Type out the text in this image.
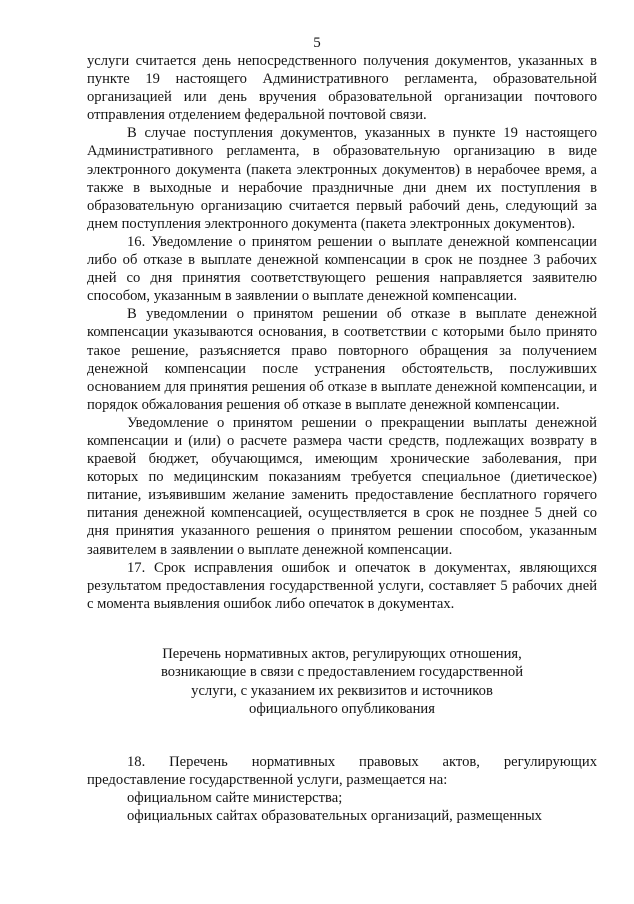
5

услуги считается день непосредственного получения документов, указанных в пункте 19 настоящего Административного регламента, образовательной организацией или день вручения образовательной организации почтового отправления отделением федеральной почтовой связи.

В случае поступления документов, указанных в пункте 19 настоящего Административного регламента, в образовательную организацию в виде электронного документа (пакета электронных документов) в нерабочее время, а также в выходные и нерабочие праздничные дни днем их поступления в образовательную организацию считается первый рабочий день, следующий за днем поступления электронного документа (пакета электронных документов).

16. Уведомление о принятом решении о выплате денежной компенсации либо об отказе в выплате денежной компенсации в срок не позднее 3 рабочих дней со дня принятия соответствующего решения направляется заявителю способом, указанным в заявлении о выплате денежной компенсации.

В уведомлении о принятом решении об отказе в выплате денежной компенсации указываются основания, в соответствии с которыми было принято такое решение, разъясняется право повторного обращения за получением денежной компенсации после устранения обстоятельств, послуживших основанием для принятия решения об отказе в выплате денежной компенсации, и порядок обжалования решения об отказе в выплате денежной компенсации.

Уведомление о принятом решении о прекращении выплаты денежной компенсации и (или) о расчете размера части средств, подлежащих возврату в краевой бюджет, обучающимся, имеющим хронические заболевания, при которых по медицинским показаниям требуется специальное (диетическое) питание, изъявившим желание заменить предоставление бесплатного горячего питания денежной компенсацией, осуществляется в срок не позднее 5 дней со дня принятия указанного решения о принятом решении способом, указанным заявителем в заявлении о выплате денежной компенсации.

17. Срок исправления ошибок и опечаток в документах, являющихся результатом предоставления государственной услуги, составляет 5 рабочих дней с момента выявления ошибок либо опечаток в документах.

Перечень нормативных актов, регулирующих отношения,
возникающие в связи с предоставлением государственной
услуги, с указанием их реквизитов и источников
официального опубликования

18. Перечень нормативных правовых актов, регулирующих предоставление государственной услуги, размещается на:

официальном сайте министерства;

официальных сайтах образовательных организаций, размещенных
